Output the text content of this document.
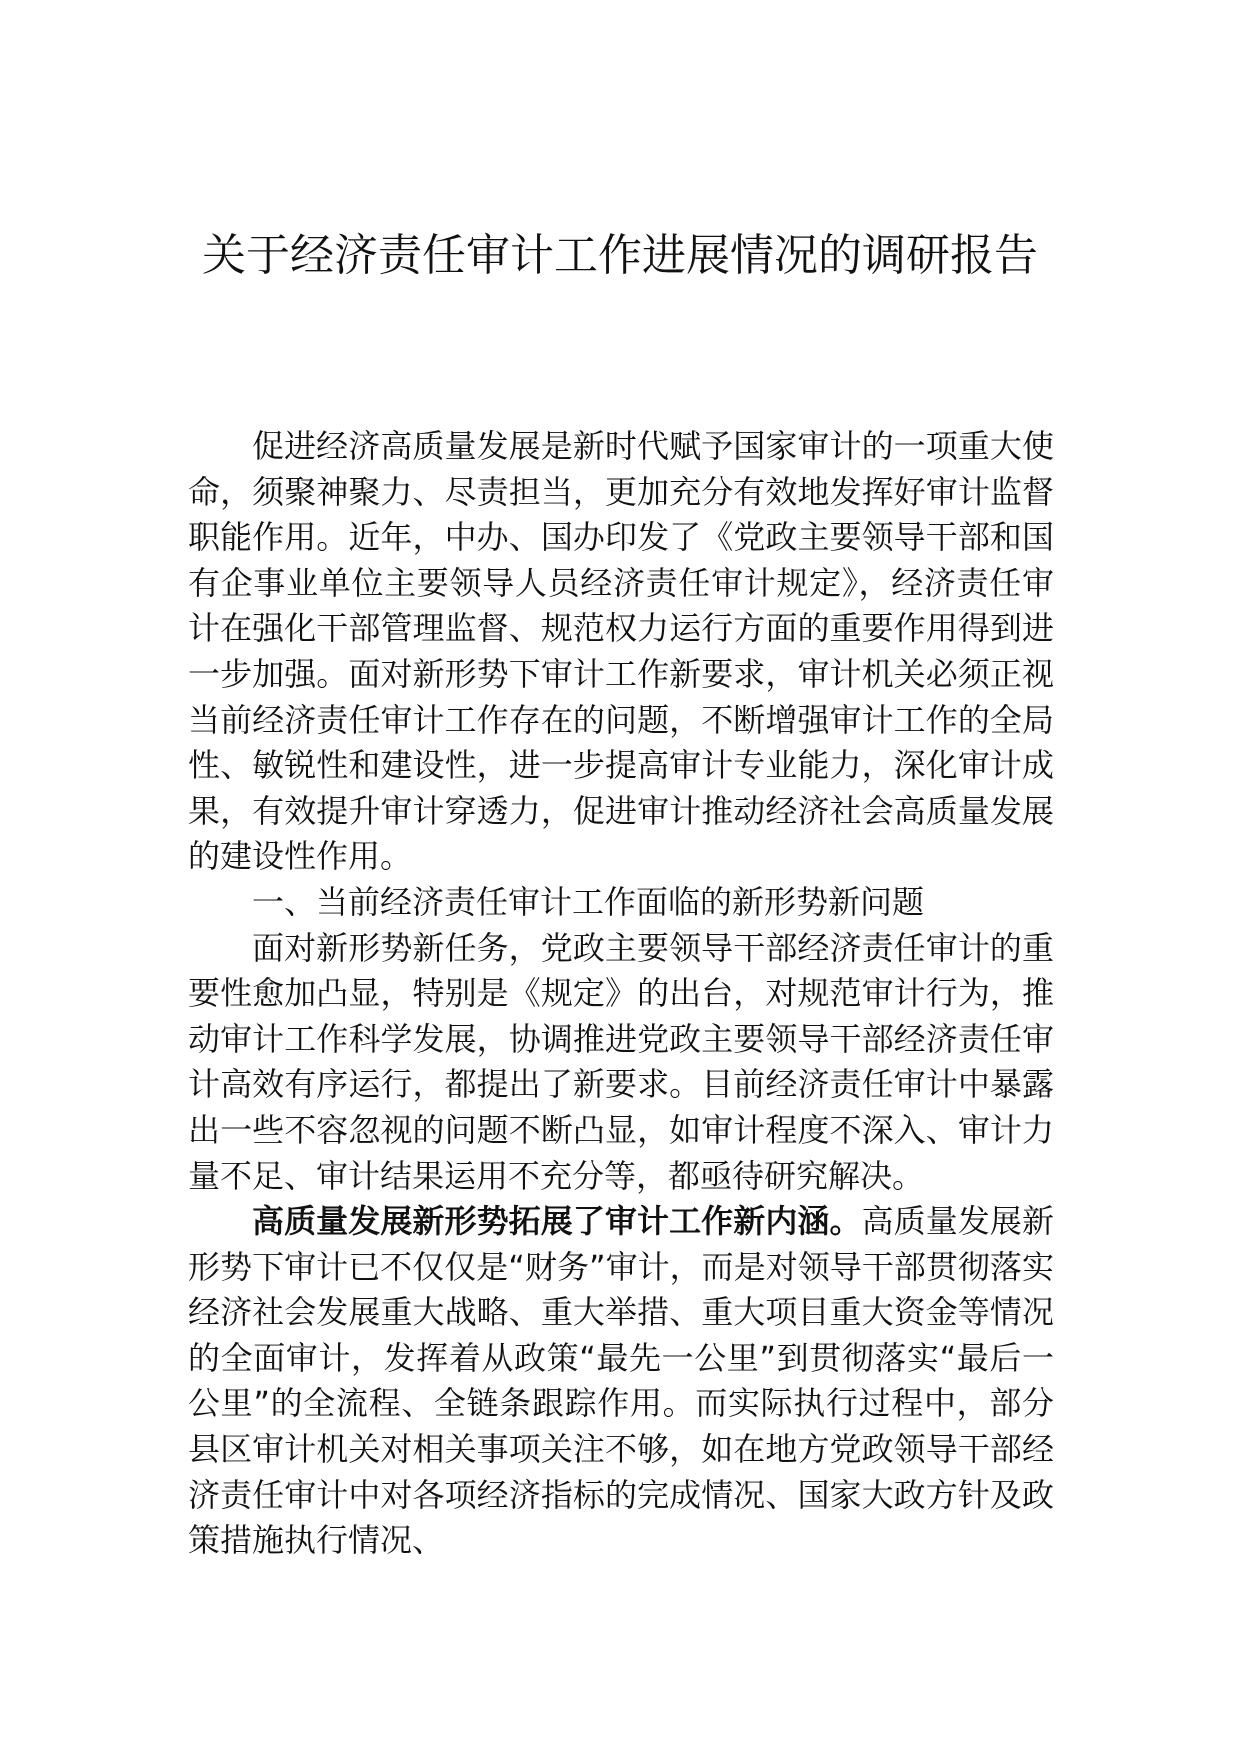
关于经济责任审计工作进展情况的调研报告

促进经济高质量发展是新时代赋予国家审计的一项重大使命，须聚神聚力、尽责担当，更加充分有效地发挥好审计监督职能作用。近年，中办、国办印发了《党政主要领导干部和国有企事业单位主要领导人员经济责任审计规定》，经济责任审计在强化干部管理监督、规范权力运行方面的重要作用得到进一步加强。面对新形势下审计工作新要求，审计机关必须正视当前经济责任审计工作存在的问题，不断增强审计工作的全局性、敏锐性和建设性，进一步提高审计专业能力，深化审计成果，有效提升审计穿透力，促进审计推动经济社会高质量发展的建设性作用。

一、当前经济责任审计工作面临的新形势新问题

面对新形势新任务，党政主要领导干部经济责任审计的重要性愈加凸显，特别是《规定》的出台，对规范审计行为，推动审计工作科学发展，协调推进党政主要领导干部经济责任审计高效有序运行，都提出了新要求。目前经济责任审计中暴露出一些不容忽视的问题不断凸显，如审计程度不深入、审计力量不足、审计结果运用不充分等，都亟待研究解决。

高质量发展新形势拓展了审计工作新内涵。高质量发展新形势下审计已不仅仅是“财务”审计，而是对领导干部贯彻落实经济社会发展重大战略、重大举措、重大项目重大资金等情况的全面审计，发挥着从政策“最先一公里”到贯彻落实“最后一公里”的全流程、全链条跟踪作用。而实际执行过程中，部分县区审计机关对相关事项关注不够，如在地方党政领导干部经济责任审计中对各项经济指标的完成情况、国家大政方针及政策措施执行情况、
